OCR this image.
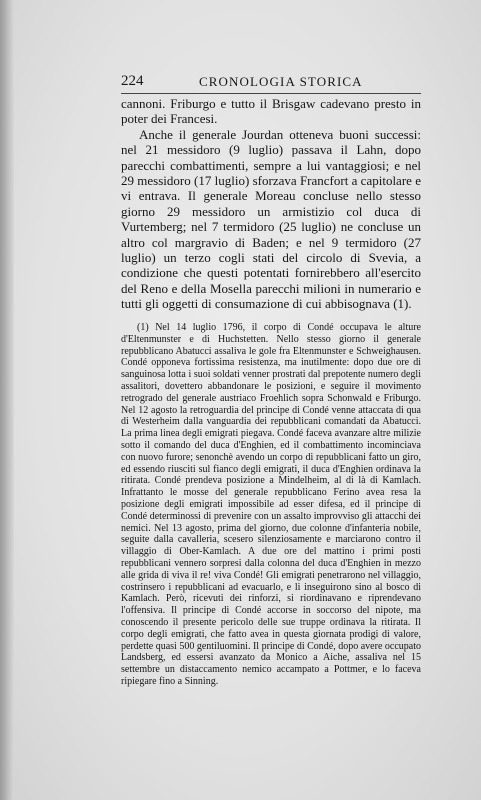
224	CRONOLOGIA STORICA

cannoni. Friburgo e tutto il Brisgaw cadevano presto in poter dei Francesi.

Anche il generale Jourdan otteneva buoni successi: nel 21 messidoro (9 luglio) passava il Lahn, dopo parecchi combattimenti, sempre a lui vantaggiosi; e nel 29 messidoro (17 luglio) sforzava Francfort a capitolare e vi entrava. Il generale Moreau concluse nello stesso giorno 29 messidoro un armistizio col duca di Vurtemberg; nel 7 termidoro (25 luglio) ne concluse un altro col margravio di Baden; e nel 9 termidoro (27 luglio) un terzo cogli stati del circolo di Svevia, a condizione che questi potentati fornirebbero all'esercito del Reno e della Mosella parecchi milioni in numerario e tutti gli oggetti di consumazione di cui abbisognava (1).

(1) Nel 14 luglio 1796, il corpo di Condé occupava le alture d'Eltenmunster e di Huchstetten. Nello stesso giorno il generale repubblicano Abatucci assaliva le gole fra Eltenmunster e Schweighausen. Condé opponeva fortissima resistenza, ma inutilmente: dopo due ore di sanguinosa lotta i suoi soldati venner prostrati dal prepotente numero degli assalitori, dovettero abbandonare le posizioni, e seguire il movimento retrogrado del generale austriaco Froehlich sopra Schonwald e Friburgo. Nel 12 agosto la retroguardia del principe di Condé venne attaccata di qua di Westerheim dalla vanguardia dei repubblicani comandati da Abatucci. La prima linea degli emigrati piegava. Condé faceva avanzare altre milizie sotto il comando del duca d'Enghien, ed il combattimento incominciava con nuovo furore; senonchè avendo un corpo di repubblicani fatto un giro, ed essendo riusciti sul fianco degli emigrati, il duca d'Enghien ordinava la ritirata. Condé prendeva posizione a Mindelheim, al di là di Kamlach. Infrattanto le mosse del generale repubblicano Ferino avea resa la posizione degli emigrati impossibile ad esser difesa, ed il principe di Condé determinossi di prevenire con un assalto improvviso gli attacchi dei nemici. Nel 13 agosto, prima del giorno, due colonne d'infanteria nobile, seguite dalla cavalleria, scesero silenziosamente e marciarono contro il villaggio di Ober-Kamlach. A due ore del mattino i primi posti repubblicani vennero sorpresi dalla colonna del duca d'Enghien in mezzo alle grida di viva il re! viva Condé! Gli emigrati penetrarono nel villaggio, costrinsero i repubblicani ad evacuarlo, e li inseguirono sino al bosco di Kamlach. Però, ricevuti dei rinforzi, si riordinavano e riprendevano l'offensiva. Il principe di Condé accorse in soccorso del nipote, ma conoscendo il presente pericolo delle sue truppe ordinava la ritirata. Il corpo degli emigrati, che fatto avea in questa giornata prodigi di valore, perdette quasi 500 gentiluomini. Il principe di Condé, dopo avere occupato Landsberg, ed essersi avanzato da Monico a Aiche, assaliva nel 15 settembre un distaccamento nemico accampato a Pottmer, e lo faceva ripiegare fino a Sinning.
